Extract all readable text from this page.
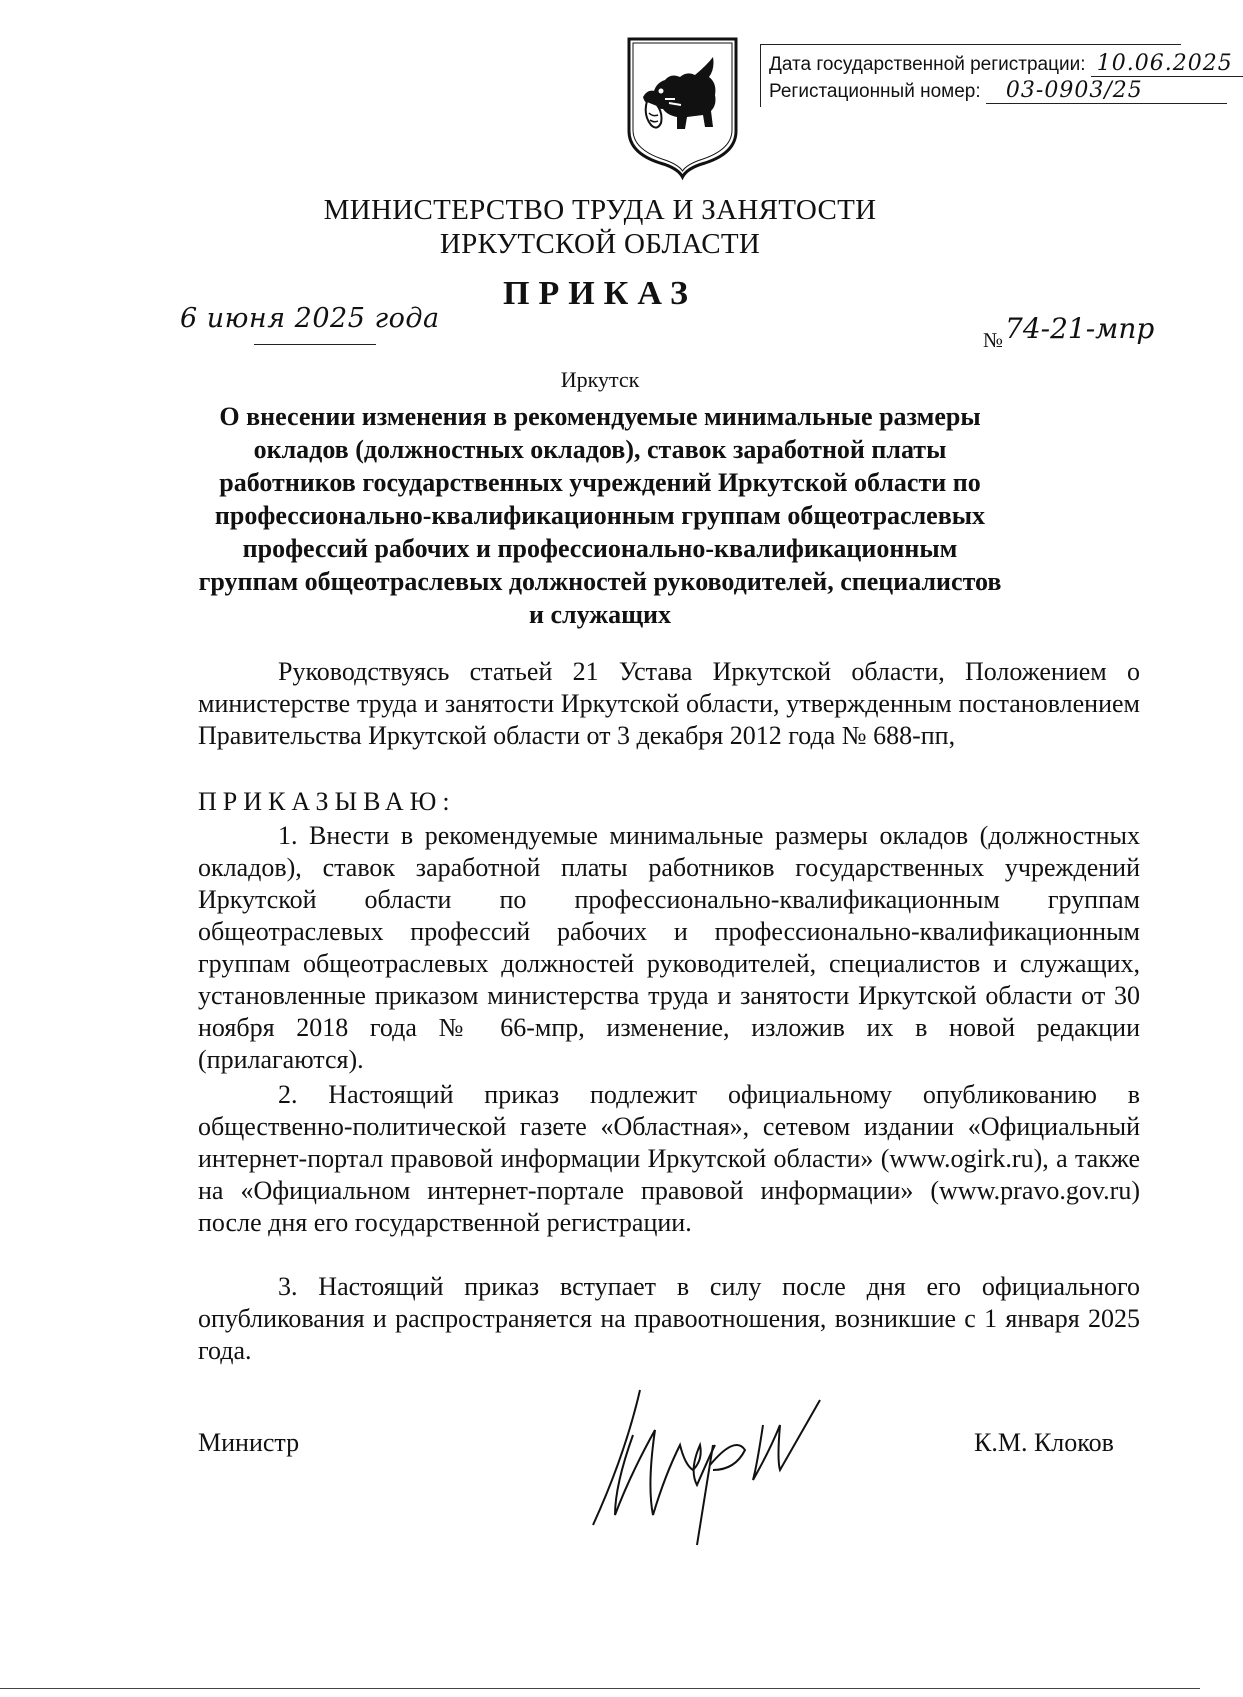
Дата государственной регистрации: 10.06.2025
Регистационный номер: 03-0903/25
МИНИСТЕРСТВО ТРУДА И ЗАНЯТОСТИ
ИРКУТСКОЙ ОБЛАСТИ
ПРИКАЗ
6 июня 2025 года
№ 74-21-мпр
Иркутск
О внесении изменения в рекомендуемые минимальные размеры окладов (должностных окладов), ставок заработной платы работников государственных учреждений Иркутской области по профессионально-квалификационным группам общеотраслевых профессий рабочих и профессионально-квалификационным группам общеотраслевых должностей руководителей, специалистов и служащих
Руководствуясь статьей 21 Устава Иркутской области, Положением о министерстве труда и занятости Иркутской области, утвержденным постановлением Правительства Иркутской области от 3 декабря 2012 года № 688-пп,
ПРИКАЗЫВАЮ:
1. Внести в рекомендуемые минимальные размеры окладов (должностных окладов), ставок заработной платы работников государственных учреждений Иркутской области по профессионально-квалификационным группам общеотраслевых профессий рабочих и профессионально-квалификационным группам общеотраслевых должностей руководителей, специалистов и служащих, установленные приказом министерства труда и занятости Иркутской области от 30 ноября 2018 года № 66-мпр, изменение, изложив их в новой редакции (прилагаются).
2. Настоящий приказ подлежит официальному опубликованию в общественно-политической газете «Областная», сетевом издании «Официальный интернет-портал правовой информации Иркутской области» (www.ogirk.ru), а также на «Официальном интернет-портале правовой информации» (www.pravo.gov.ru) после дня его государственной регистрации.
3. Настоящий приказ вступает в силу после дня его официального опубликования и распространяется на правоотношения, возникшие с 1 января 2025 года.
Министр	К.М. Клоков
